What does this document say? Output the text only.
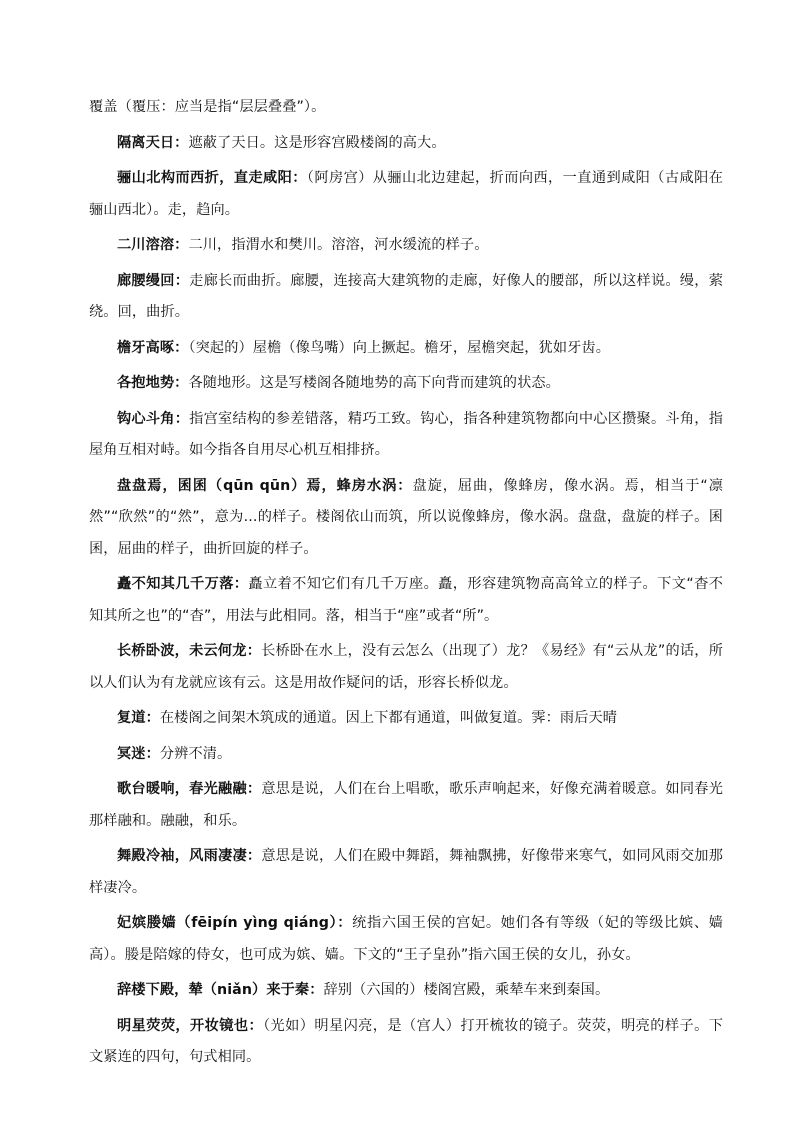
覆盖（覆压：应当是指“层层叠叠”）。

隔离天日：遮蔽了天日。这是形容宫殿楼阁的高大。

骊山北构而西折，直走咸阳：（阿房宫）从骊山北边建起，折而向西，一直通到咸阳（古咸阳在骊山西北）。走，趋向。

二川溶溶：二川，指渭水和樊川。溶溶，河水缓流的样子。

廊腰缦回：走廊长而曲折。廊腰，连接高大建筑物的走廊，好像人的腰部，所以这样说。缦，萦绕。回，曲折。

檐牙高啄：（突起的）屋檐（像鸟嘴）向上撅起。檐牙，屋檐突起，犹如牙齿。

各抱地势：各随地形。这是写楼阁各随地势的高下向背而建筑的状态。

钩心斗角：指宫室结构的参差错落，精巧工致。钩心，指各种建筑物都向中心区攒聚。斗角，指屋角互相对峙。如今指各自用尽心机互相排挤。

盘盘焉，囷囷（qūn qūn）焉，蜂房水涡：盘旋，屈曲，像蜂房，像水涡。焉，相当于“凛然”“欣然”的“然”，意为...的样子。楼阁依山而筑，所以说像蜂房，像水涡。盘盘，盘旋的样子。囷囷，屈曲的样子，曲折回旋的样子。

矗不知其几千万落：矗立着不知它们有几千万座。矗，形容建筑物高高耸立的样子。下文“杳不知其所之也”的“杳”，用法与此相同。落，相当于“座”或者“所”。

长桥卧波，未云何龙：长桥卧在水上，没有云怎么（出现了）龙？《易经》有“云从龙”的话，所以人们认为有龙就应该有云。这是用故作疑问的话，形容长桥似龙。

复道：在楼阁之间架木筑成的通道。因上下都有通道，叫做复道。霁：雨后天晴

冥迷：分辨不清。

歌台暖响，春光融融：意思是说，人们在台上唱歌，歌乐声响起来，好像充满着暖意。如同春光那样融和。融融，和乐。

舞殿冷袖，风雨凄凄：意思是说，人们在殿中舞蹈，舞袖飘拂，好像带来寒气，如同风雨交加那样凄冷。

妃嫔媵嫱（fēipín yìng qiáng）：统指六国王侯的宫妃。她们各有等级（妃的等级比嫔、嫱高）。媵是陪嫁的侍女，也可成为嫔、嫱。下文的“王子皇孙”指六国王侯的女儿，孙女。

辞楼下殿，辇（niǎn）来于秦：辞别（六国的）楼阁宫殿，乘辇车来到秦国。

明星荧荧，开妆镜也：（光如）明星闪亮，是（宫人）打开梳妆的镜子。荧荧，明亮的样子。下文紧连的四句，句式相同。
